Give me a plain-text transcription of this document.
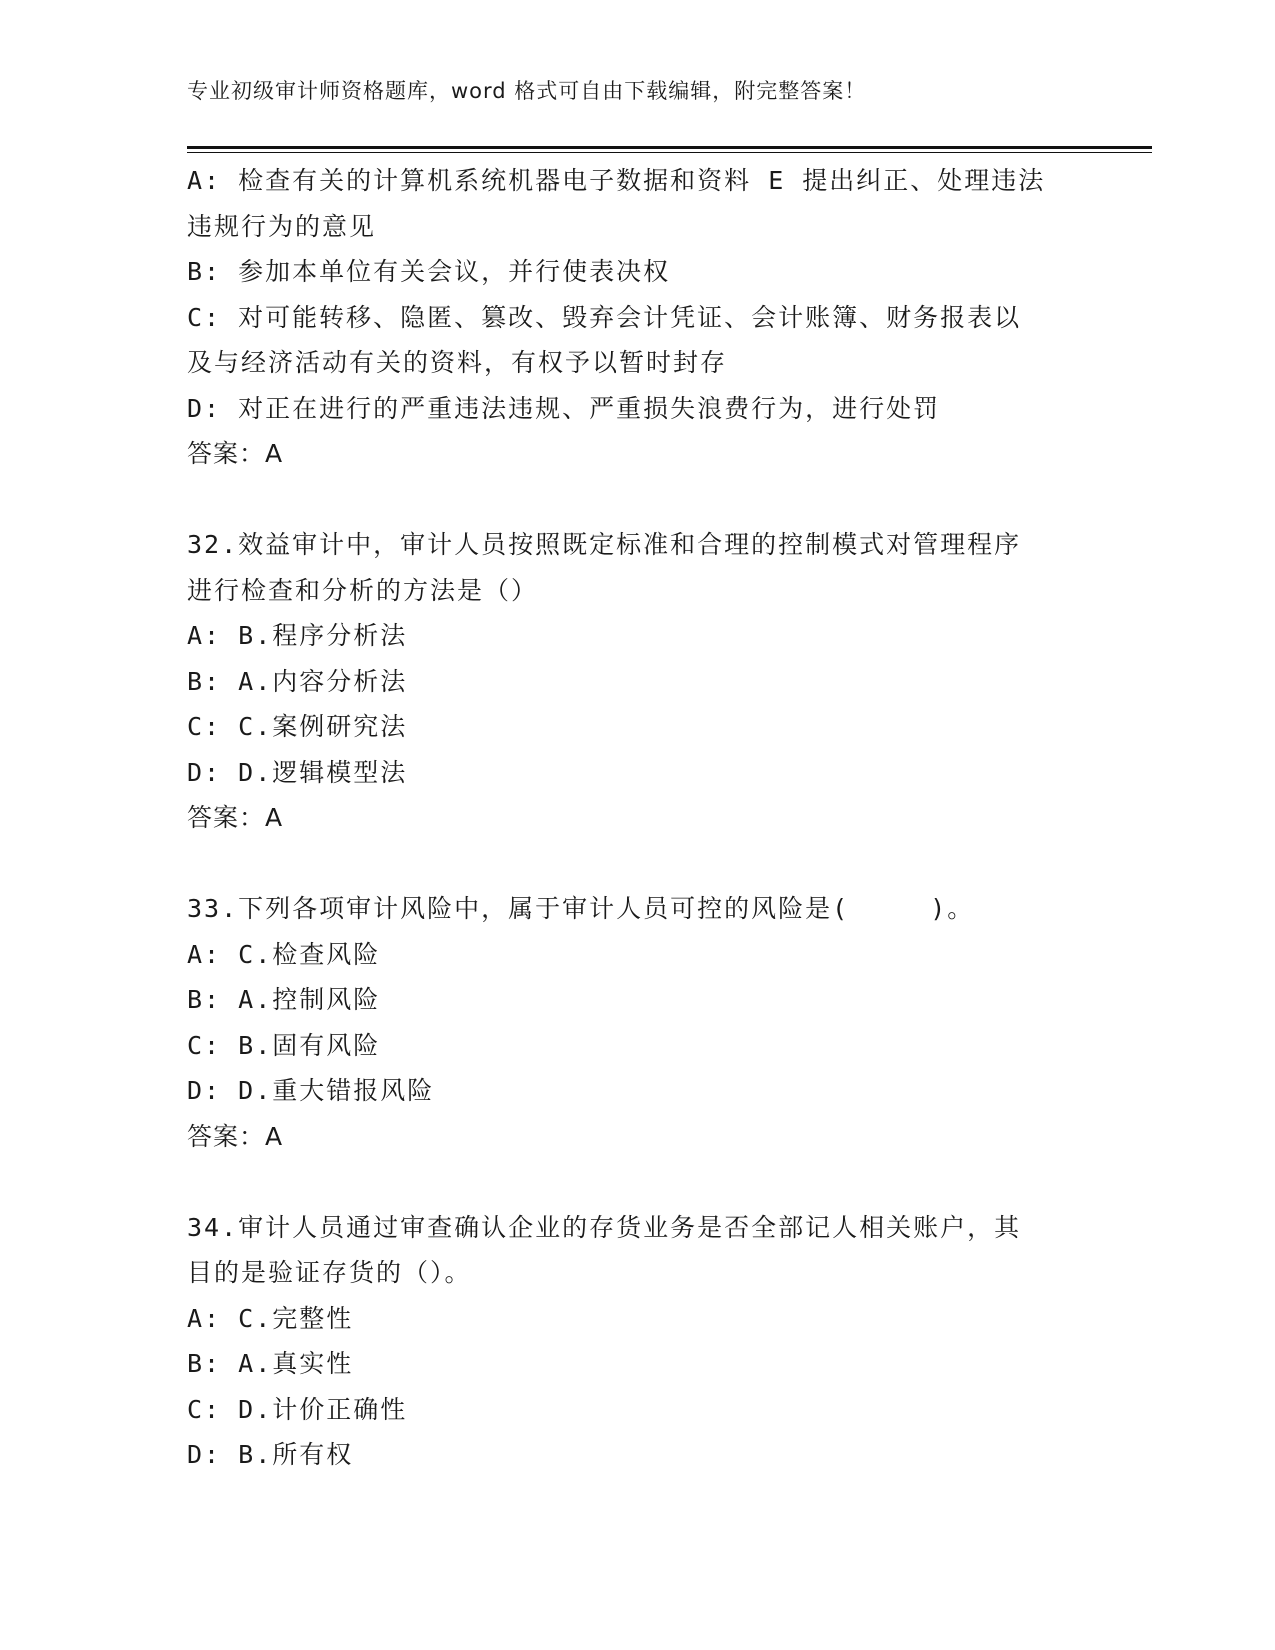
专业初级审计师资格题库，word 格式可自由下载编辑，附完整答案！
A: 检查有关的计算机系统机器电子数据和资料 E 提出纠正、处理违法
违规行为的意见
B: 参加本单位有关会议，并行使表决权
C: 对可能转移、隐匿、篡改、毁弃会计凭证、会计账簿、财务报表以
及与经济活动有关的资料，有权予以暂时封存
D: 对正在进行的严重违法违规、严重损失浪费行为，进行处罚
答案：A
32.效益审计中，审计人员按照既定标准和合理的控制模式对管理程序
进行检查和分析的方法是（）
A: B.程序分析法
B: A.内容分析法
C: C.案例研究法
D: D.逻辑模型法
答案：A
33.下列各项审计风险中，属于审计人员可控的风险是(　　　)。
A: C.检查风险
B: A.控制风险
C: B.固有风险
D: D.重大错报风险
答案：A
34.审计人员通过审查确认企业的存货业务是否全部记人相关账户，其
目的是验证存货的（）。
A: C.完整性
B: A.真实性
C: D.计价正确性
D: B.所有权
